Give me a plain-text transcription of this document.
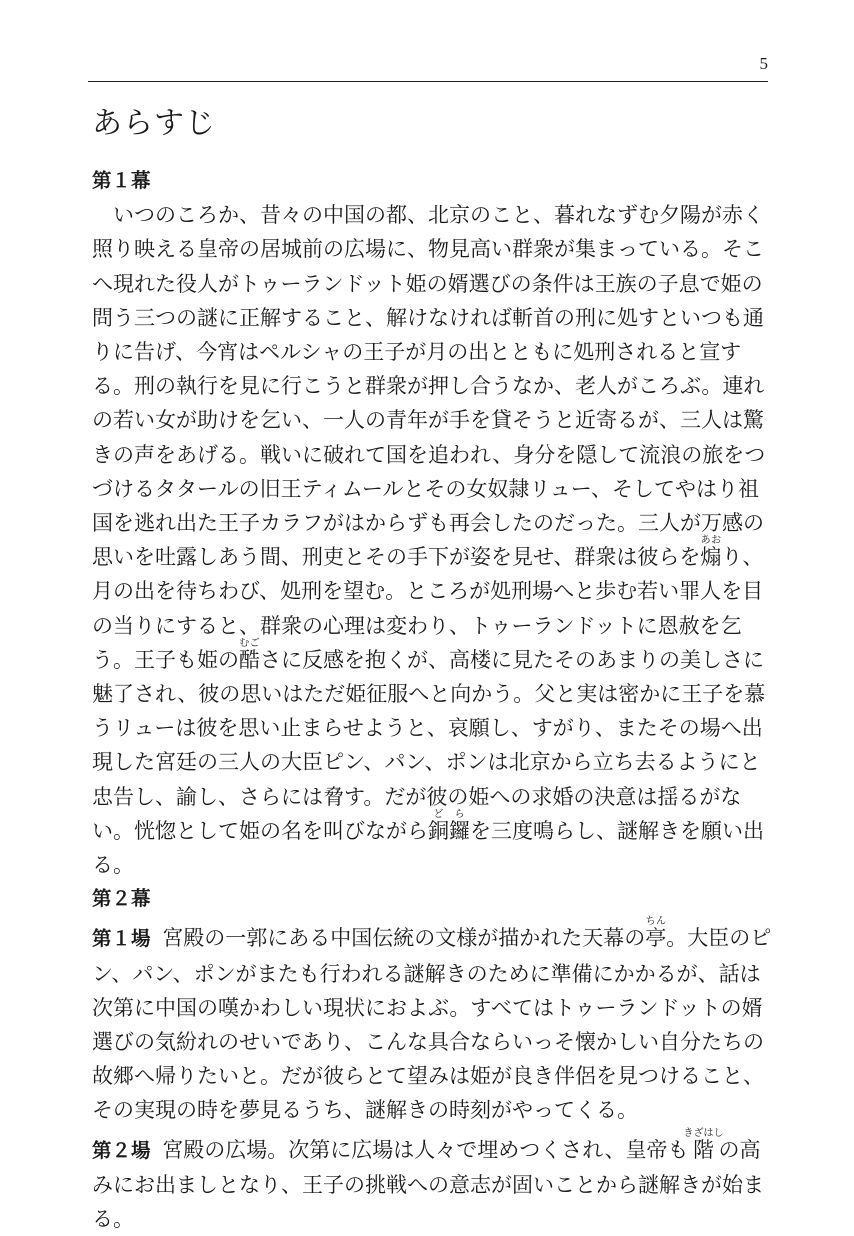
5
あらすじ

第１幕

いつのころか、昔々の中国の都、北京のこと、暮れなずむ夕陽が赤く照り映える皇帝の居城前の広場に、物見高い群衆が集まっている。そこへ現れた役人がトゥーランドット姫の婿選びの条件は王族の子息で姫の問う三つの謎に正解すること、解けなければ斬首の刑に処すといつも通りに告げ、今宵はペルシャの王子が月の出とともに処刑されると宣する。刑の執行を見に行こうと群衆が押し合うなか、老人がころぶ。連れの若い女が助けを乞い、一人の青年が手を貸そうと近寄るが、三人は驚きの声をあげる。戦いに破れて国を追われ、身分を隠して流浪の旅をつづけるタタールの旧王ティムールとその女奴隷リュー、そしてやはり祖国を逃れ出た王子カラフがはからずも再会したのだった。三人が万感の思いを吐露しあう間、刑吏とその手下が姿を見せ、群衆は彼らを煽あおり、月の出を待ちわび、処刑を望む。ところが処刑場へと歩む若い罪人を目の当りにすると、群衆の心理は変わり、トゥーランドットに恩赦を乞う。王子も姫の酷むごさに反感を抱くが、高楼に見たそのあまりの美しさに魅了され、彼の思いはただ姫征服へと向かう。父と実は密かに王子を慕うリューは彼を思い止まらせようと、哀願し、すがり、またその場へ出現した宮廷の三人の大臣ピン、パン、ポンは北京から立ち去るようにと忠告し、諭し、さらには脅す。だが彼の姫への求婚の決意は揺るがない。恍惚として姫の名を叫びながら銅鑼どらを三度鳴らし、謎解きを願い出る。

第２幕

第１場 宮殿の一郭にある中国伝統の文様が描かれた天幕の亭ちん。大臣のピン、パン、ポンがまたも行われる謎解きのために準備にかかるが、話は次第に中国の嘆かわしい現状におよぶ。すべてはトゥーランドットの婿選びの気紛れのせいであり、こんな具合ならいっそ懐かしい自分たちの故郷へ帰りたいと。だが彼らとて望みは姫が良き伴侶を見つけること、その実現の時を夢見るうち、謎解きの時刻がやってくる。

第２場 宮殿の広場。次第に広場は人々で埋めつくされ、皇帝も階きざはしの高みにお出ましとなり、王子の挑戦への意志が固いことから謎解きが始まる。
